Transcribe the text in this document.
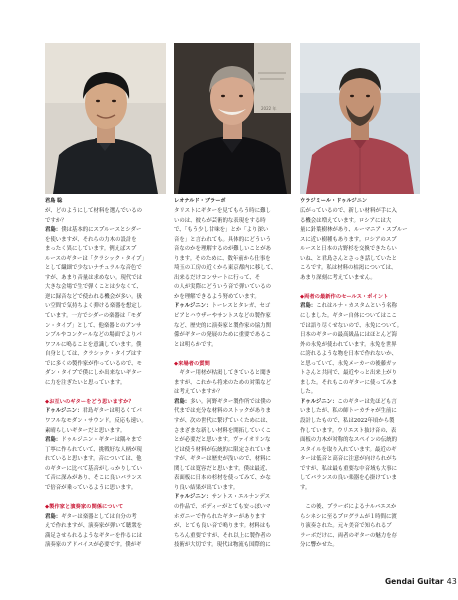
2022 年
君島 聡	レオナルド・ブラーボ	ウラジミール・ドゥルジニン

が、どのようにして材料を選んでいるの

ですか？

君島：僕は基本的にスプルースとシダー

を使いますが、それらの力木の設計を

まったく異にしています。例えばスプ

ルースのギターは「クラシック・タイプ」

として繊細で少ないナチュラルな音色で

すが、あまり音量は求めない。現代では

大きな会場で生で弾くことは少なくて、

逆に録音などで使われる機会が多い。扱

い空間で気持ちよく弾ける楽器を想定し

ています。一方でシダーの楽器は「モダ

ン・タイプ」として、他楽器とのアンサ

ンブルやコンクールなどの場面でよりパ

ワフルに鳴ることを意識しています。僕

自身としては、クラシック・タイプはす

でに多くの製作家が作っているので、モ

ダン・タイプで僕にしか出来ないギター

に力を注ぎたいと思っています。

◆お互いのギターをどう思いますか？

ドゥルジニン：君島ギターは明るくてパ

ワフルなモダン・サウンド。反応も速い。

素晴らしいギターだと思います。

君島：ドゥルジニン・ギターは隅々まで

丁寧に作られていて、挑戦好な人柄が現

れていると思います。音については、他

のギターに比べて基音がしっかりしてい

て音に深みがあり、そこに良いバランス

で倍音が乗っているように思います。

◆製作家と演奏家の関係について

君島：ギターは楽器としては自分の考

えで作れますが、演奏家が弾いて聴衆を

満足させられるようなギターを作るには

演奏家のアドバイスが必要です。僕がギ

タリストにギターを見てもらう時に難し

いのは、彼らが芸術的な表現をする時

で、「もう少し甘味を」とか「より深い

音を」と言われても。具体的にどういう

音なのかを理解するのが難しいことがあ

ります。そのために、数年前から仕事を

埼玉の工房の近くから東京都内に移して、

出来るだけコンサートに行って、そ

の人が実際にどういう音で弾いているの

かを理解できるよう努めています。

ドゥルジニン：トーレスとタレガ、セゴ

ビアとハウザーやサントスなどの製作家

など、歴史的に演奏家と製作家の協力関

係がギターの発展のために重要であるこ

とは明らかです。

◆来場者の質問

　ギター用材が枯渇してきていると聞き

ますが、これから将来のための対策など

は考えていますか？

君島：多い。河野ギター製作所では僕の

代までは充分な材料のストックがありま

すが、次の世代に繋げていくためには、

さまざまな新しい材料を開拓していくこ

とが必要だと思います。ヴァイオリンな

どは使う材料が伝統的に限定されていま

すが、ギターは歴史が浅いので、材料に

関しては寛容だと思います。僕は最近、

表面板に日本の杉材を使ってみて、かな

り良い結果が出ています。

ドゥルジニン：サントス・エルナンデス

の作品で、ボディーがとても安っぽいマ

ホガニーで作られたギターがあります

が、とても良い音で鳴ります。材料はも

ちろん重要ですが、それ以上に製作者の

技術が大切です。現代は物流も国際的に

広がっているので、新しい材料が手に入

る機会は増えています。ロシアには大

量に針葉樹林があり、ルーマニア・スプルー

スに近い樹種もあります。ロシアのスプ

ルースと日本の古野杉を交換できたらい

いね、と君島さんとさっき話していたと

ころです。私は材料の枯渇については、

あまり深刻に考えていません。

◆両者の最新作のセールス・ポイント

君島：これはルナ・カスタムという名称

にしました。ギター自体についてはここ

では語り尽くせないので、永免について。

日本のギターの最高級品にはほとんど海

外の永免が使われています。永免を世界

に誇れるような物を日本で作れないか、

と思っていて、永免メーカーの後藤ガッ

トさんと共同で、最近やっと出来上がり

ました。それもこのギターに使ってみま

した。

ドゥルジニン：このギターは先ほども言

いましたが、私の師トーカチャが生前に

設計したもので、私は2022年頃から製

作しています。ウリエスト抜け音の、表

面板の力木が対称的なスペインの伝統的

スタイルを取り入れています。最近のギ

ターは低音と高音に注意が向けられがち

ですが、私は最も重要な中音域も大事に

してバランスの良い楽器を心掛けていま

す。

　この後、プラーボによるナルバエスか

らシネシに至るプログラムが１時間に渡

り演奏された。元々美音で知られるブ

ラーボだけに、両者のギターの魅力を存

分に響かせた。

Gendai Guitar 43
